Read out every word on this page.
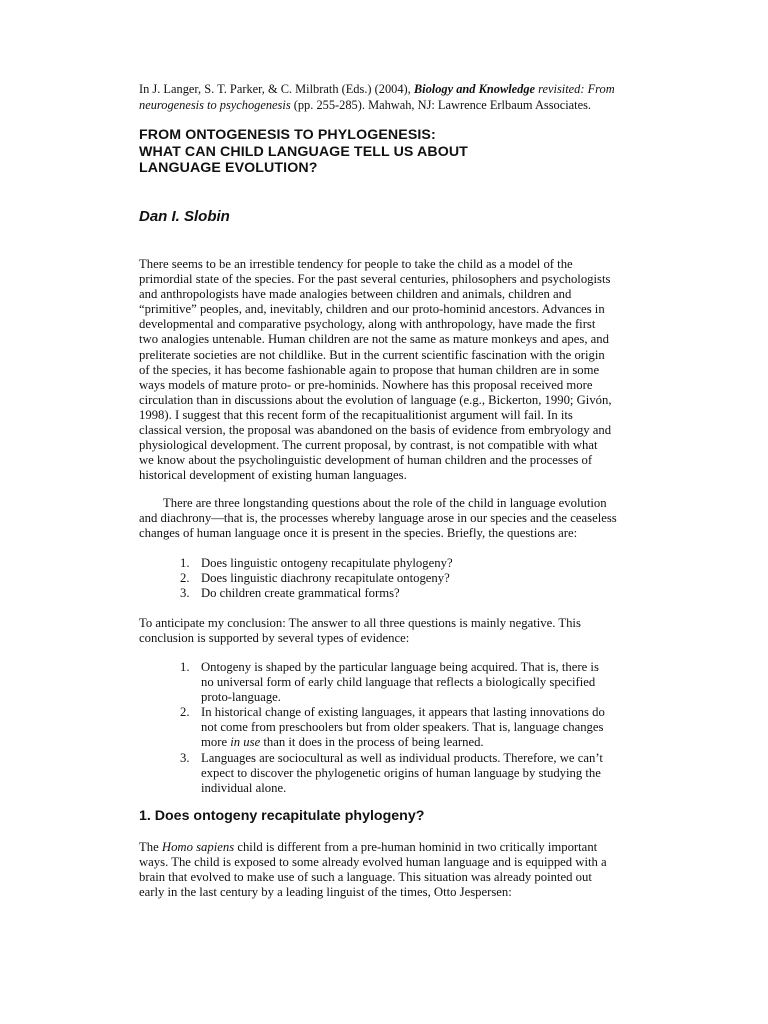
In J. Langer, S. T. Parker, & C. Milbrath (Eds.) (2004), Biology and Knowledge revisited: From
neurogenesis to psychogenesis (pp. 255-285). Mahwah, NJ: Lawrence Erlbaum Associates.
FROM ONTOGENESIS TO PHYLOGENESIS:
WHAT CAN CHILD LANGUAGE TELL US ABOUT
LANGUAGE EVOLUTION?
Dan I. Slobin
There seems to be an irrestible tendency for people to take the child as a model of the
primordial state of the species. For the past several centuries, philosophers and psychologists
and anthropologists have made analogies between children and animals, children and
“primitive” peoples, and, inevitably, children and our proto-hominid ancestors. Advances in
developmental and comparative psychology, along with anthropology, have made the first
two analogies untenable. Human children are not the same as mature monkeys and apes, and
preliterate societies are not childlike. But in the current scientific fascination with the origin
of the species, it has become fashionable again to propose that human children are in some
ways models of mature proto- or pre-hominids. Nowhere has this proposal received more
circulation than in discussions about the evolution of language (e.g., Bickerton, 1990; Givón,
1998). I suggest that this recent form of the recapitualitionist argument will fail. In its
classical version, the proposal was abandoned on the basis of evidence from embryology and
physiological development. The current proposal, by contrast, is not compatible with what
we know about the psycholinguistic development of human children and the processes of
historical development of existing human languages.
There are three longstanding questions about the role of the child in language evolution
and diachrony—that is, the processes whereby language arose in our species and the ceaseless
changes of human language once it is present in the species. Briefly, the questions are:
1. Does linguistic ontogeny recapitulate phylogeny?
2. Does linguistic diachrony recapitulate ontogeny?
3. Do children create grammatical forms?
To anticipate my conclusion: The answer to all three questions is mainly negative. This
conclusion is supported by several types of evidence:
1. Ontogeny is shaped by the particular language being acquired. That is, there is
no universal form of early child language that reflects a biologically specified
proto-language.
2. In historical change of existing languages, it appears that lasting innovations do
not come from preschoolers but from older speakers. That is, language changes
more in use than it does in the process of being learned.
3. Languages are sociocultural as well as individual products. Therefore, we can’t
expect to discover the phylogenetic origins of human language by studying the
individual alone.
1. Does ontogeny recapitulate phylogeny?
The Homo sapiens child is different from a pre-human hominid in two critically important
ways. The child is exposed to some already evolved human language and is equipped with a
brain that evolved to make use of such a language. This situation was already pointed out
early in the last century by a leading linguist of the times, Otto Jespersen:
